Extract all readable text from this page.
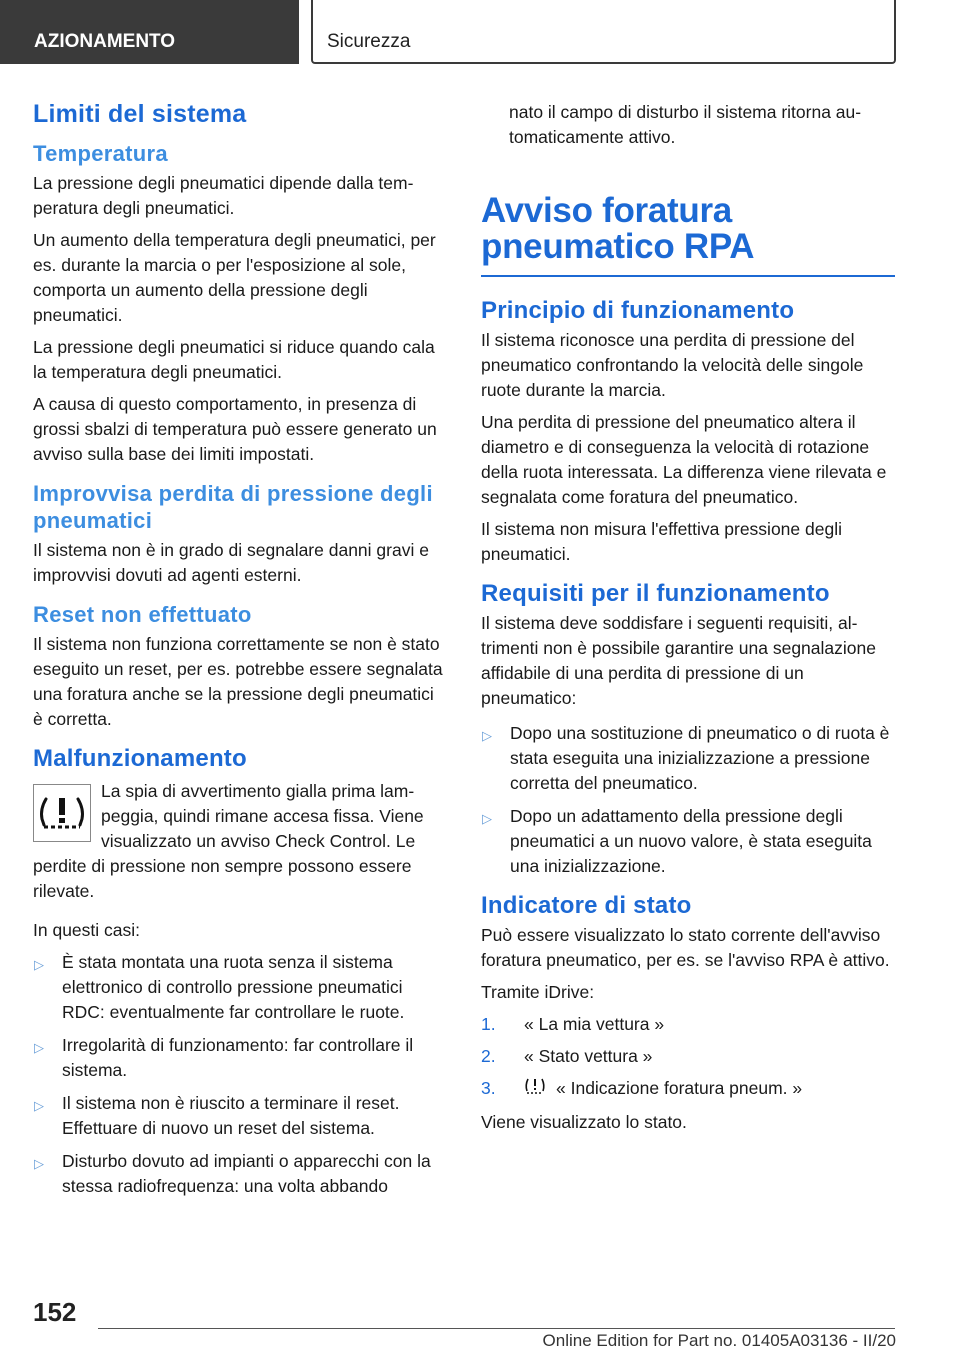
AZIONAMENTO	Sicurezza
Limiti del sistema
Temperatura

La pressione degli pneumatici dipende dalla temperatura degli pneumatici.

Un aumento della temperatura degli pneumatici, per es. durante la marcia o per l'esposizione al sole, comporta un aumento della pressione degli pneumatici.

La pressione degli pneumatici si riduce quando cala la temperatura degli pneumatici.

A causa di questo comportamento, in presenza di grossi sbalzi di temperatura può essere generato un avviso sulla base dei limiti impostati.

Improvvisa perdita di pressione degli pneumatici

Il sistema non è in grado di segnalare danni gravi e improvvisi dovuti ad agenti esterni.

Reset non effettuato

Il sistema non funziona correttamente se non è stato eseguito un reset, per es. potrebbe essere segnalata una foratura anche se la pressione degli pneumatici è corretta.

Malfunzionamento

La spia di avvertimento gialla prima lampeggia, quindi rimane accesa fissa. Viene visualizzato un avviso Check Control. Le perdite di pressione non sempre possono essere rilevate.

In questi casi:

▷ È stata montata una ruota senza il sistema elettronico di controllo pressione pneumatici RDC: eventualmente far controllare le ruote.
▷ Irregolarità di funzionamento: far controllare il sistema.
▷ Il sistema non è riuscito a terminare il reset. Effettuare di nuovo un reset del sistema.
▷ Disturbo dovuto ad impianti o apparecchi con la stessa radiofrequenza: una volta abbando

nato il campo di disturbo il sistema ritorna automaticamente attivo.

Avviso foratura pneumatico RPA
Principio di funzionamento

Il sistema riconosce una perdita di pressione del pneumatico confrontando la velocità delle singole ruote durante la marcia.

Una perdita di pressione del pneumatico altera il diametro e di conseguenza la velocità di rotazione della ruota interessata. La differenza viene rilevata e segnalata come foratura del pneumatico.

Il sistema non misura l'effettiva pressione degli pneumatici.

Requisiti per il funzionamento

Il sistema deve soddisfare i seguenti requisiti, altrimenti non è possibile garantire una segnalazione affidabile di una perdita di pressione di un pneumatico:

▷ Dopo una sostituzione di pneumatico o di ruota è stata eseguita una inizializzazione a pressione corretta del pneumatico.
▷ Dopo un adattamento della pressione degli pneumatici a un nuovo valore, è stata eseguita una inizializzazione.
Indicatore di stato

Può essere visualizzato lo stato corrente dell'avviso foratura pneumatico, per es. se l'avviso RPA è attivo.

Tramite iDrive:

1. « La mia vettura »
2. « Stato vettura »
3.	« Indicazione foratura pneum. »

Viene visualizzato lo stato.

152
Online Edition for Part no. 01405A03136 - II/20
